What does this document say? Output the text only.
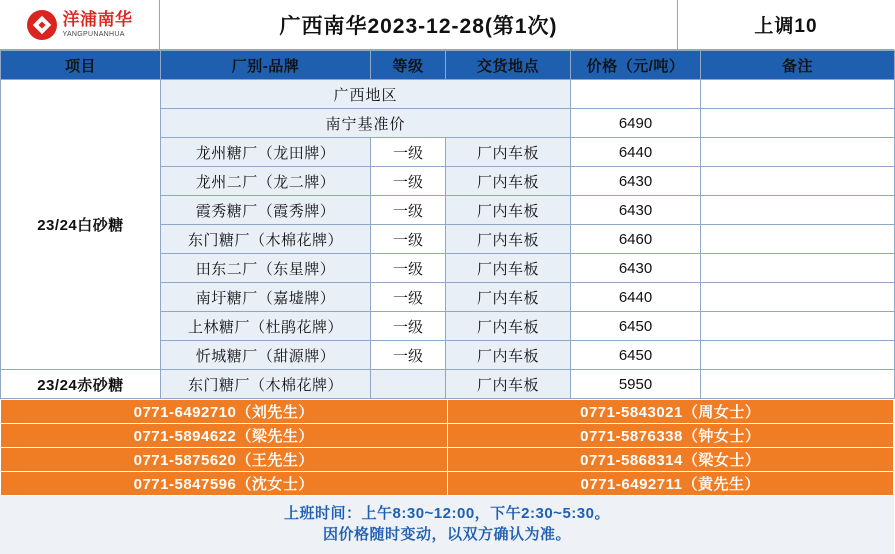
洋浦南华
YANGPUNANHUA	广西南华2023-12-28(第1次)	上调10
项目	厂别-品牌	等级	交货地点	价格（元/吨）	备注
23/24白砂糖	广西地区				
	南宁基准价			6490	
	龙州糖厂（龙田牌）	一级	厂内车板	6440	
	龙州二厂（龙二牌）	一级	厂内车板	6430	
	霞秀糖厂（霞秀牌）	一级	厂内车板	6430	
	东门糖厂（木棉花牌）	一级	厂内车板	6460	
	田东二厂（东星牌）	一级	厂内车板	6430	
	南圩糖厂（嘉墟牌）	一级	厂内车板	6440	
	上林糖厂（杜鹃花牌）	一级	厂内车板	6450	
	忻城糖厂（甜源牌）	一级	厂内车板	6450	
23/24赤砂糖	东门糖厂（木棉花牌）		厂内车板	5950	
0771-6492710（刘先生）	0771-5843021（周女士）
0771-5894622（梁先生）	0771-5876338（钟女士）
0771-5875620（王先生）	0771-5868314（梁女士）
0771-5847596（沈女士）	0771-6492711（黄先生）
上班时间：上午8:30~12:00，下午2:30~5:30。
因价格随时变动，以双方确认为准。
